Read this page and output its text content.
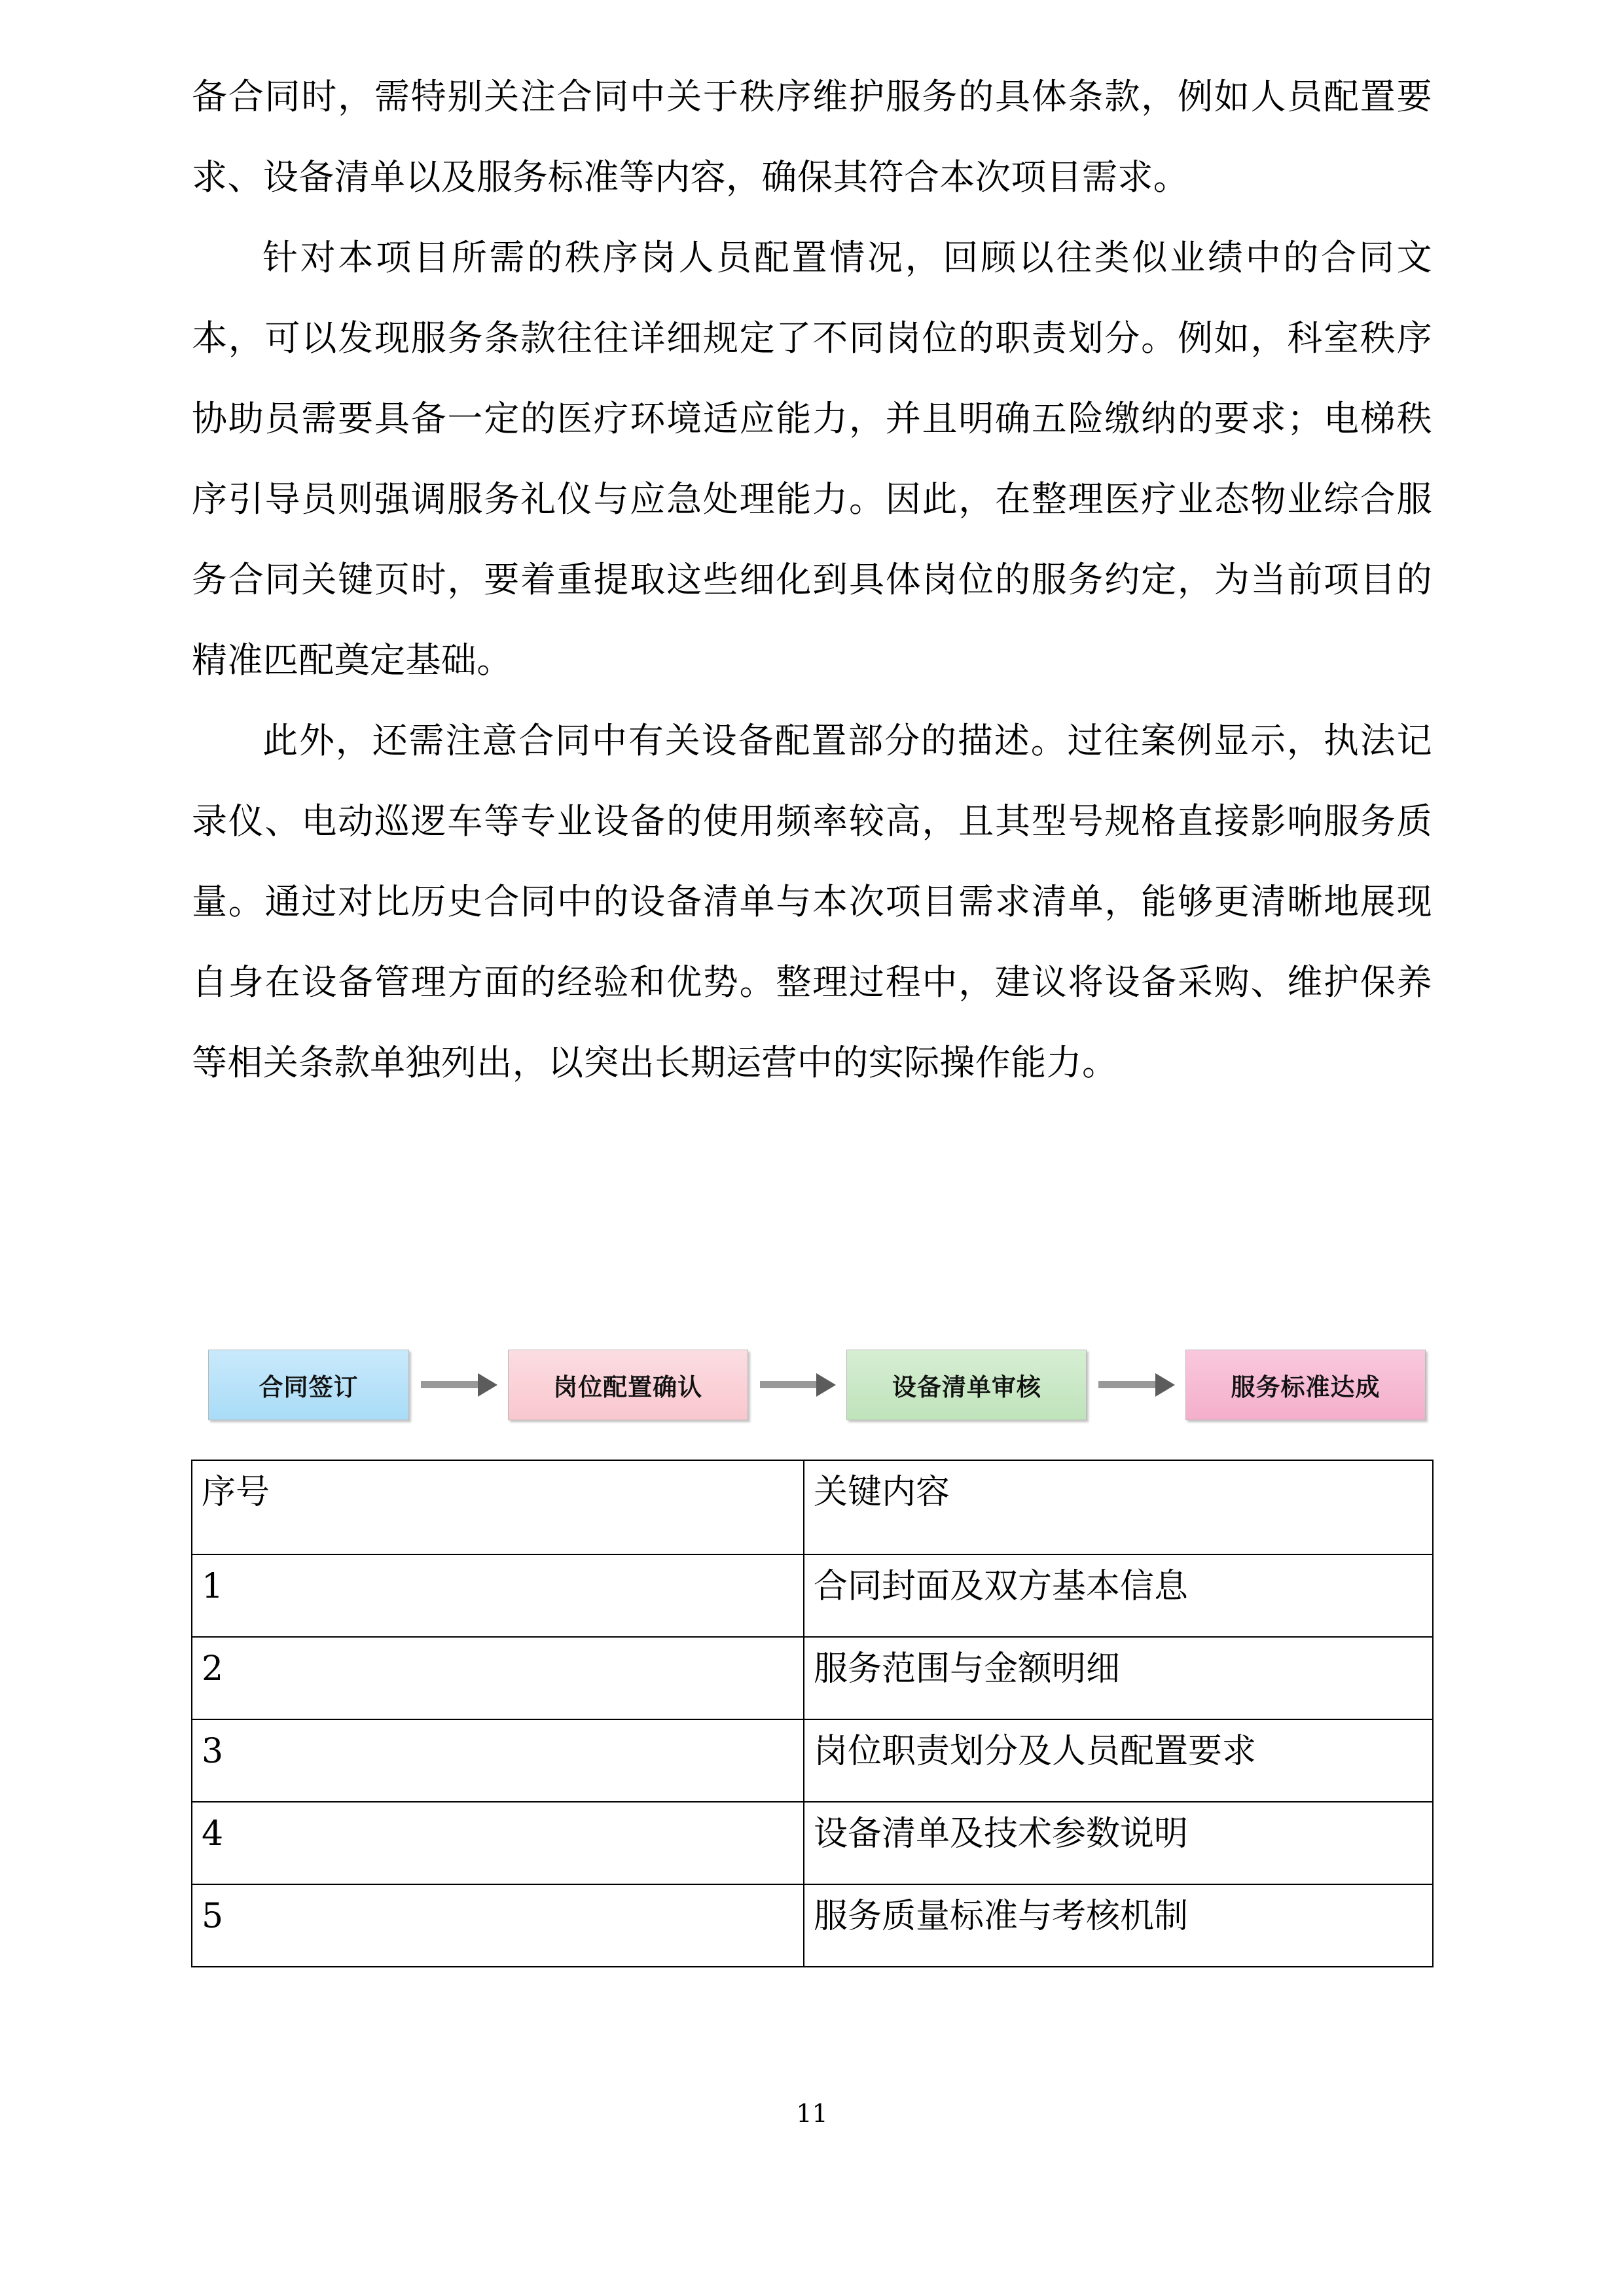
备合同时，需特别关注合同中关于秩序维护服务的具体条款，例如人员配置要求、设备清单以及服务标准等内容，确保其符合本次项目需求。

针对本项目所需的秩序岗人员配置情况，回顾以往类似业绩中的合同文本，可以发现服务条款往往详细规定了不同岗位的职责划分。例如，科室秩序协助员需要具备一定的医疗环境适应能力，并且明确五险缴纳的要求；电梯秩序引导员则强调服务礼仪与应急处理能力。因此，在整理医疗业态物业综合服务合同关键页时，要着重提取这些细化到具体岗位的服务约定，为当前项目的精准匹配奠定基础。

此外，还需注意合同中有关设备配置部分的描述。过往案例显示，执法记录仪、电动巡逻车等专业设备的使用频率较高，且其型号规格直接影响服务质量。通过对比历史合同中的设备清单与本次项目需求清单，能够更清晰地展现自身在设备管理方面的经验和优势。整理过程中，建议将设备采购、维护保养等相关条款单独列出，以突出长期运营中的实际操作能力。

合同签订	岗位配置确认	设备清单审核	服务标准达成
序号	关键内容
1	合同封面及双方基本信息
2	服务范围与金额明细
3	岗位职责划分及人员配置要求
4	设备清单及技术参数说明
5	服务质量标准与考核机制
11
